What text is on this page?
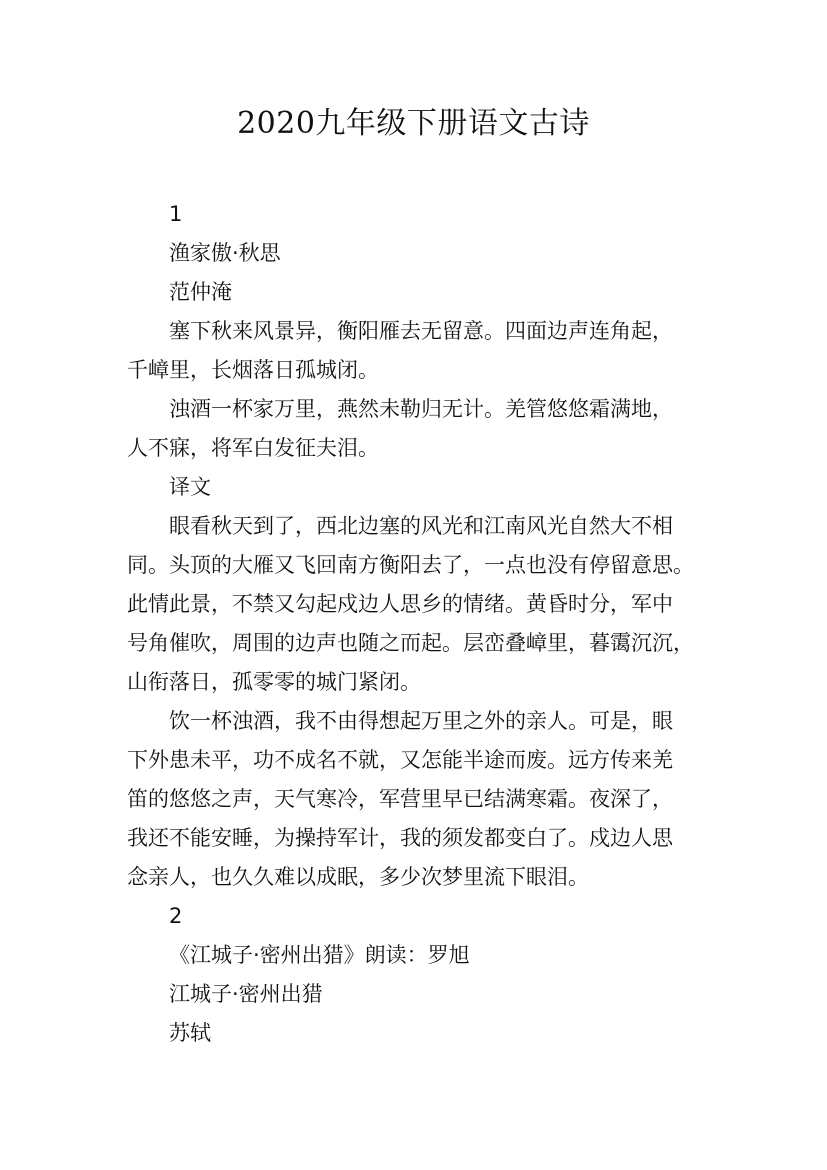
2020九年级下册语文古诗

1

渔家傲·秋思

范仲淹

塞下秋来风景异，衡阳雁去无留意。四面边声连角起，
千嶂里，长烟落日孤城闭。
浊酒一杯家万里，燕然未勒归无计。羌管悠悠霜满地，
人不寐，将军白发征夫泪。

译文

眼看秋天到了，西北边塞的风光和江南风光自然大不相
同。头顶的大雁又飞回南方衡阳去了，一点也没有停留意思。
此情此景，不禁又勾起戍边人思乡的情绪。黄昏时分，军中
号角催吹，周围的边声也随之而起。层峦叠嶂里，暮霭沉沉，
山衔落日，孤零零的城门紧闭。
饮一杯浊酒，我不由得想起万里之外的亲人。可是，眼
下外患未平，功不成名不就，又怎能半途而废。远方传来羌
笛的悠悠之声，天气寒冷，军营里早已结满寒霜。夜深了，
我还不能安睡，为操持军计，我的须发都变白了。戍边人思
念亲人，也久久难以成眠，多少次梦里流下眼泪。

2

《江城子·密州出猎》朗读：罗旭

江城子·密州出猎

苏轼
